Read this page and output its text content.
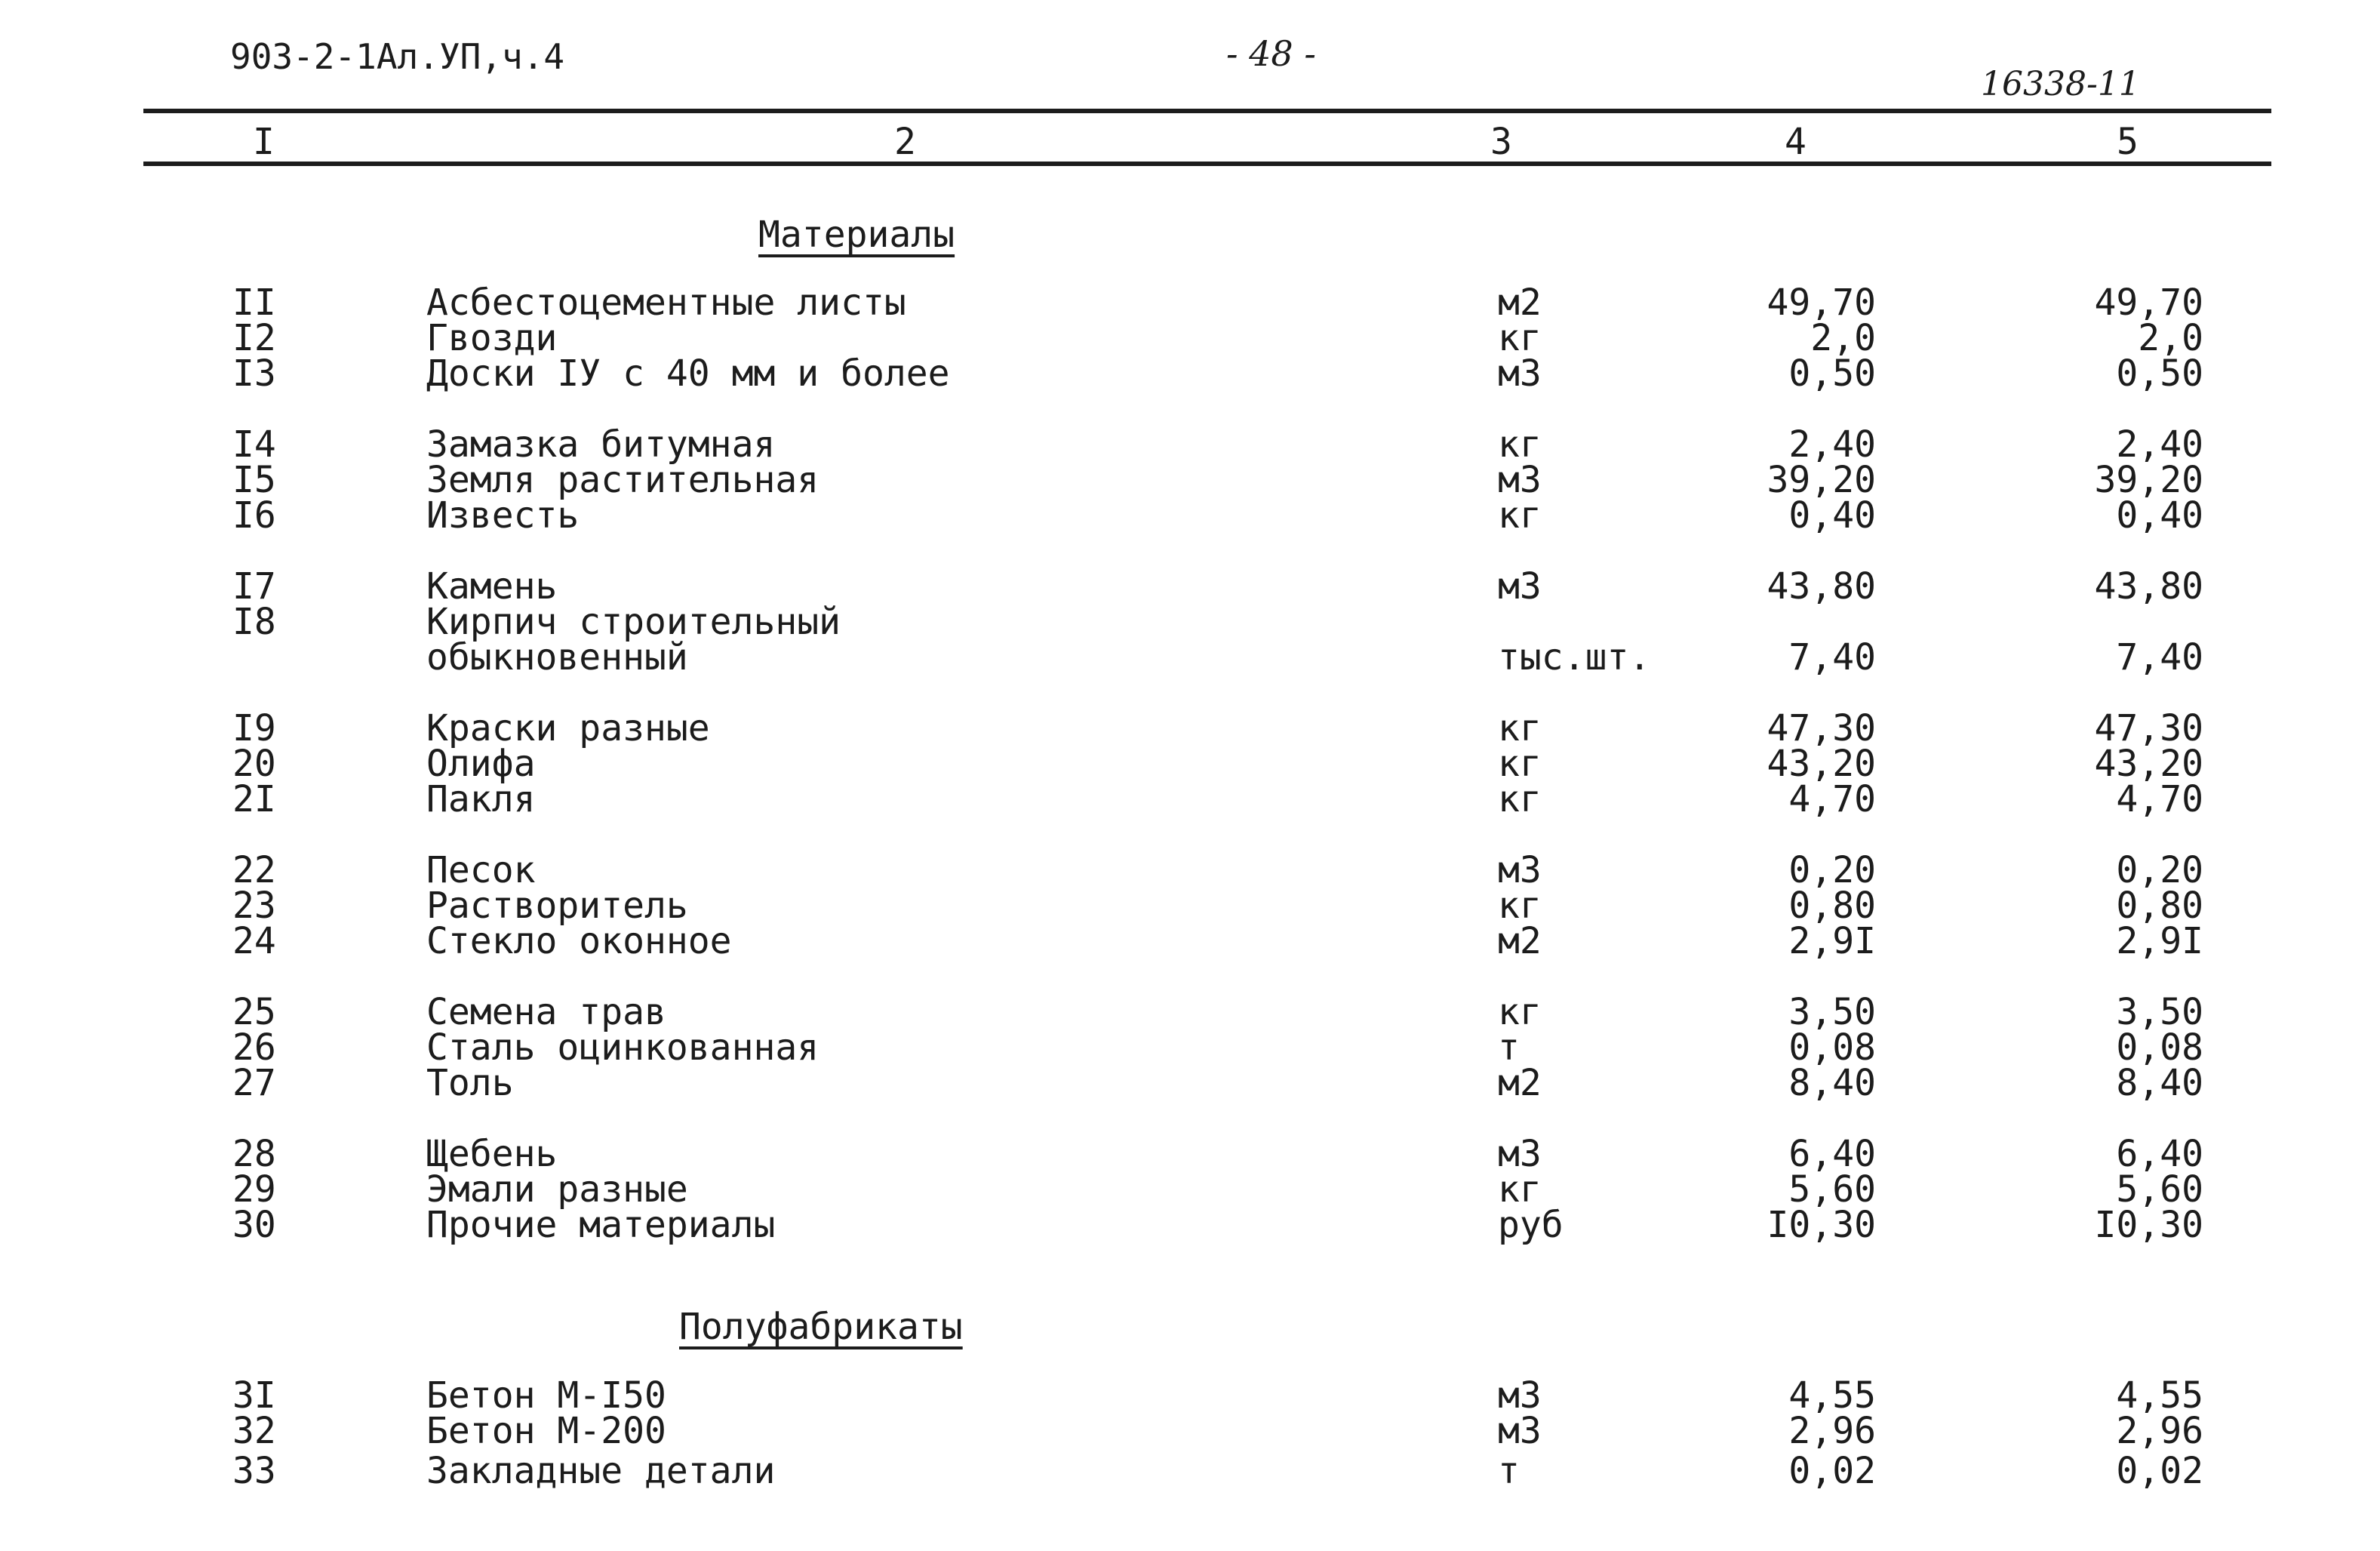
903-2-1Ал.УП,ч.4	- 48 -
16338-11
I	2	3	4	5
Материалы
Полуфабрикаты
II	Асбестоцементные листы	м2	49,70	49,70
I2	Гвозди	кг	2,0	2,0
I3	Доски IУ с 40 мм и более	м3	0,50	0,50
I4	Замазка битумная	кг	2,40	2,40
I5	Земля растительная	м3	39,20	39,20
I6	Известь	кг	0,40	0,40
I7	Камень	м3	43,80	43,80
I8	Кирпич строительный
обыкновенный	тыс.шт.	7,40	7,40
I9	Краски разные	кг	47,30	47,30
20	Олифа	кг	43,20	43,20
2I	Пакля	кг	4,70	4,70
22	Песок	м3	0,20	0,20
23	Растворитель	кг	0,80	0,80
24	Стекло оконное	м2	2,9I	2,9I
25	Семена трав	кг	3,50	3,50
26	Сталь оцинкованная	т	0,08	0,08
27	Толь	м2	8,40	8,40
28	Щебень	м3	6,40	6,40
29	Эмали разные	кг	5,60	5,60
30	Прочие материалы	руб	I0,30	I0,30
3I	Бетон М-I50	м3	4,55	4,55
32	Бетон М-200	м3	2,96	2,96
33	Закладные детали	т	0,02	0,02
